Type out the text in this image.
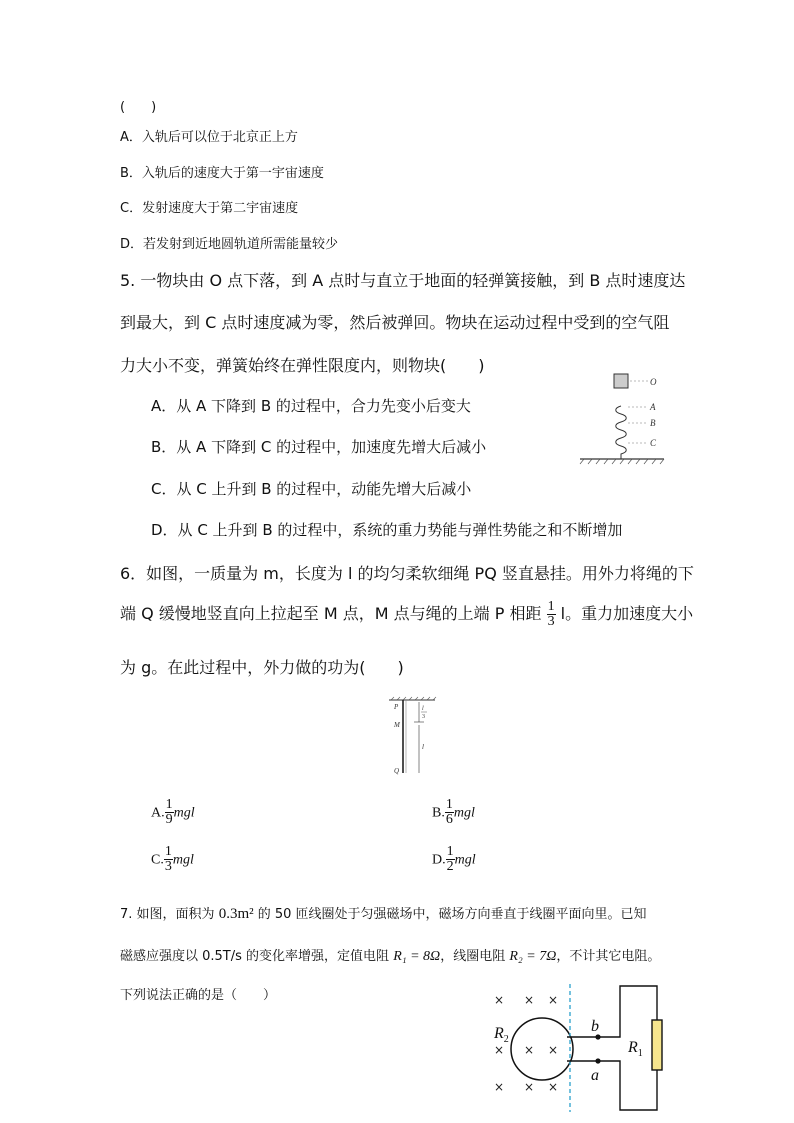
(　　)
A．入轨后可以位于北京正上方
B．入轨后的速度大于第一宇宙速度
C．发射速度大于第二宇宙速度
D．若发射到近地圆轨道所需能量较少
5. 一物块由 O 点下落，到 A 点时与直立于地面的轻弹簧接触，到 B 点时速度达
到最大，到 C 点时速度减为零，然后被弹回。物块在运动过程中受到的空气阻
力大小不变，弹簧始终在弹性限度内，则物块(　　)
A．从 A 下降到 B 的过程中，合力先变小后变大
B．从 A 下降到 C 的过程中，加速度先增大后减小
C．从 C 上升到 B 的过程中，动能先增大后减小
D．从 C 上升到 B 的过程中，系统的重力势能与弹性势能之和不断增加
O
A
B
C
6．如图，一质量为 m，长度为 l 的均匀柔软细绳 PQ 竖直悬挂。用外力将绳的下
端 Q 缓慢地竖直向上拉起至 M 点，M 点与绳的上端 P 相距 $\frac{1}{3}$ l。重力加速度大小
为 g。在此过程中，外力做的功为(　　)
P
M
Q
l
3
l
A. $\frac{1}{9}$ mgl	B. $\frac{1}{6}$ mgl
C. $\frac{1}{3}$ mgl	D. $\frac{1}{2}$ mgl
7. 如图，面积为 0.3m² 的 50 匝线圈处于匀强磁场中，磁场方向垂直于线圈平面向里。已知
磁感应强度以 0.5T/s 的变化率增强，定值电阻 R₁ = 8Ω，线圈电阻 R₂ = 7Ω，不计其它电阻。
下列说法正确的是（　　）	× × ×
× × ×
× × ×
$R_2$
b
a
$R_1$
